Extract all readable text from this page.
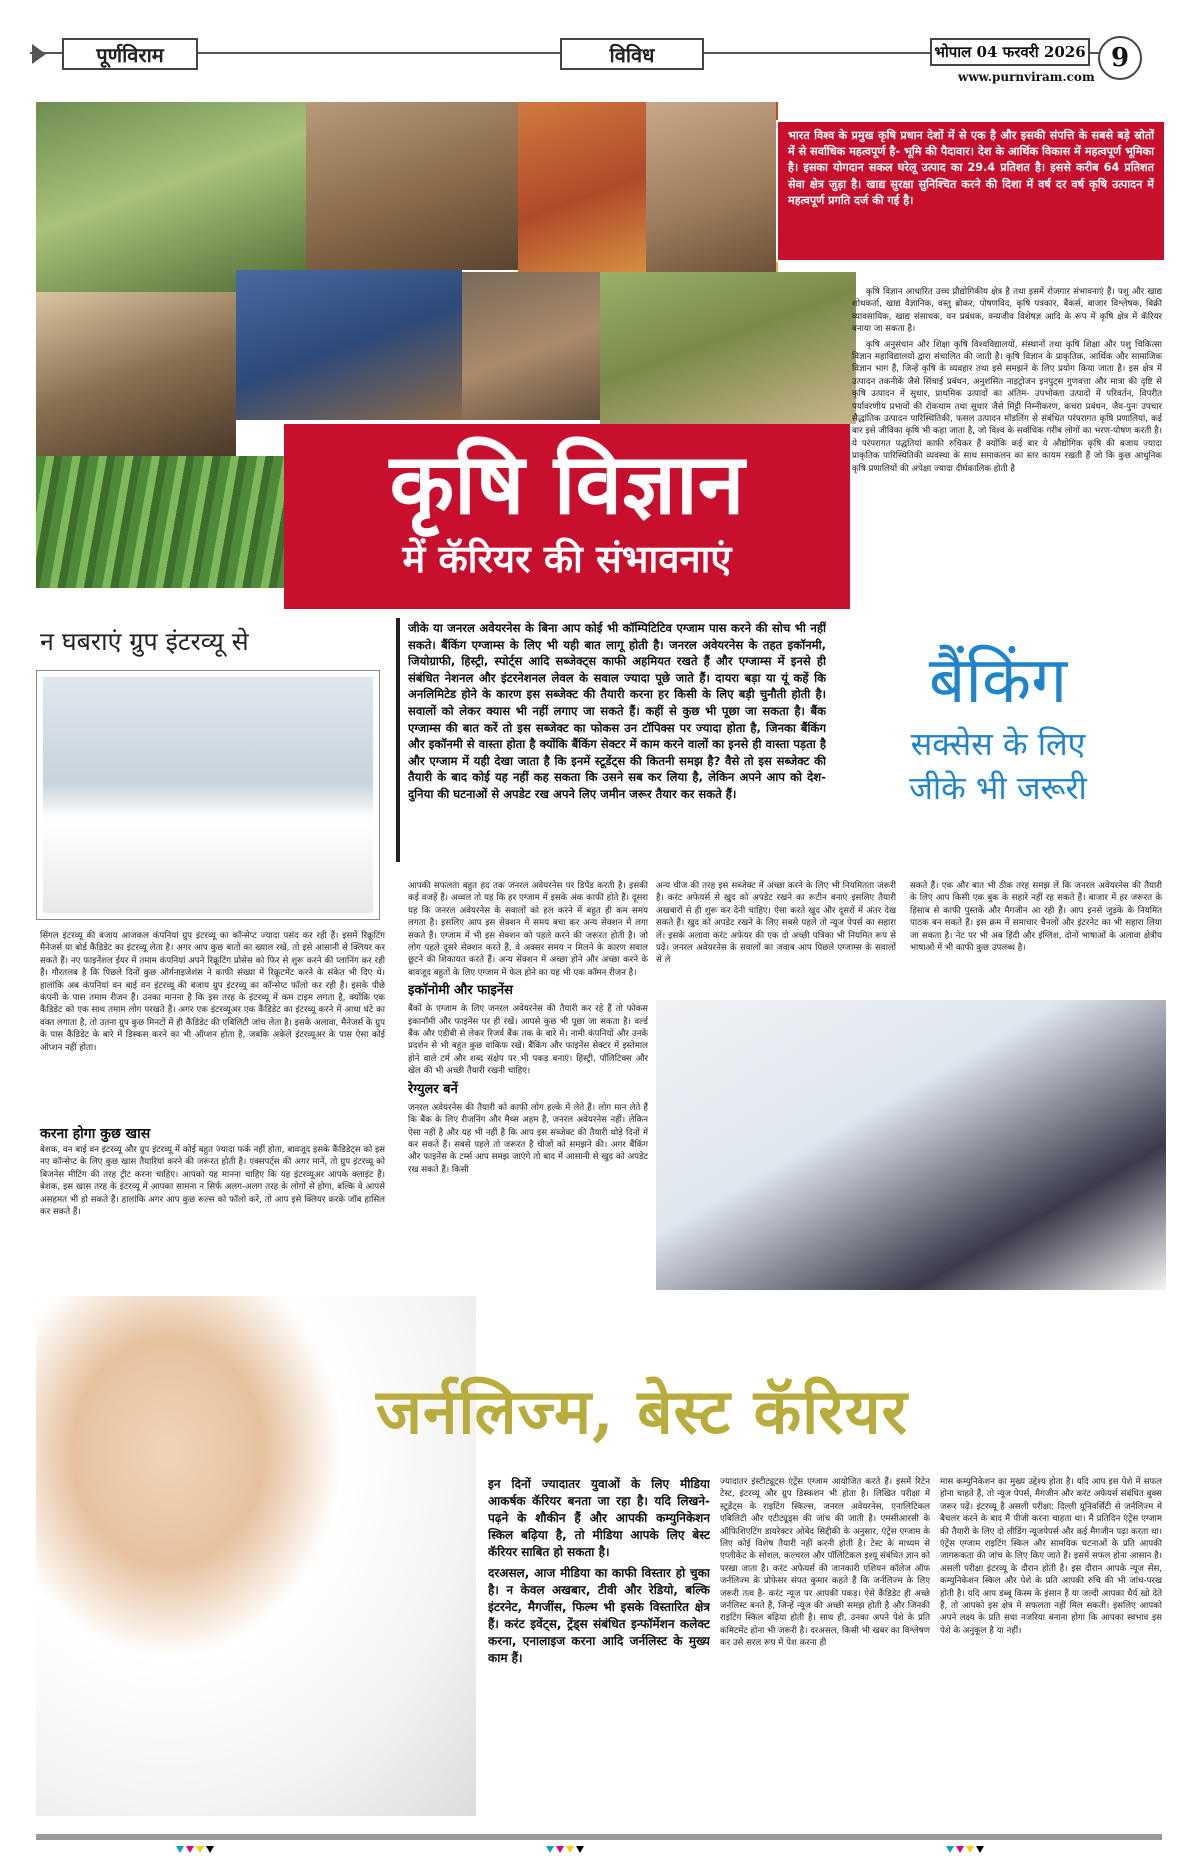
पूर्णविराम	विविध	भोपाल 04 फरवरी 2026
www.purnviram.com
9
भारत विश्व के प्रमुख कृषि प्रधान देशों में से एक है और इसकी संपत्ति के सबसे बड़े स्रोतों में से सर्वाधिक महत्वपूर्ण है- भूमि की पैदावार। देश के आर्थिक विकास में महत्वपूर्ण भूमिका है। इसका योगदान सकल घरेलू उत्पाद का 29.4 प्रतिशत है। इससे करीब 64 प्रतिशत सेवा क्षेत्र जुड़ा है। खाद्य सुरक्षा सुनिश्चित करने की दिशा में वर्ष दर वर्ष कृषि उत्पादन में महत्वपूर्ण प्रगति दर्ज की गई है।

कृषि विज्ञान आधारित उच्च प्रौद्योगिकीय क्षेत्र है तथा इसमें रोजगार संभावनाएं हैं। पशु और खाद्य शोधकर्ता, खाद्य वैज्ञानिक, वस्तु ब्रोकर, पोषणविद, कृषि पत्रकार, बैंकर्स, बाजार विश्लेषक, बिक्री व्यावसायिक, खाद्य संसाधक, वन प्रबंधक, वन्यजीव विशेषज्ञ आदि के रूप में कृषि क्षेत्र में कॅरियर बनाया जा सकता है।

कृषि अनुसंधान और शिक्षा कृषि विश्वविद्यालयों, संस्थानों तथा कृषि शिक्षा और पशु चिकित्सा विज्ञान महाविद्यालयों द्वारा संचालित की जाती है। कृषि विज्ञान के प्राकृतिक, आर्थिक और सामाजिक विज्ञान भाग हैं, जिन्हें कृषि के व्यवहार तथा इसे समझने के लिए प्रयोग किया जाता है। इस क्षेत्र में उत्पादन तकनीकें जैसे सिंचाई प्रबंधन, अनुशंसित नाइट्रोजन इनपुट्स गुणवत्ता और मात्रा की दृष्टि से कृषि उत्पादन में सुधार, प्राथमिक उत्पादों का अंतिम- उपभोक्ता उत्पादों में परिवर्तन, विपरीत पर्यावरणीय प्रभावों की रोकथाम तथा सुधार जैसे मिट्टी निम्नीकरण, कचरा प्रबंधन, जैव-पुनः उपचार सैद्धांतिक उत्पादन पारिस्थितिकी, फसल उत्पादन मॉडलिंग से संबंधित परंपरागत कृषि प्रणालियां, कई बार इसे जीविका कृषि भी कहा जाता है, जो विश्व के सर्वाधिक गरीब लोगों का भरण-पोषण करती है। ये परंपरागत पद्धतियां काफी रुचिकर हैं क्योंकि कई बार ये औद्योगिक कृषि की बजाय ज्यादा प्राकृतिक पारिस्थितिकी व्यवस्था के साथ समाकलन का स्तर कायम रखती हैं जो कि कुछ आधुनिक कृषि प्रणालियों की अपेक्षा ज्यादा दीर्घकालिक होती है

कृषि विज्ञान
में कॅरियर की संभावनाएं
न घबराएं ग्रुप इंटरव्यू से

सिंगल इंटरव्यू की बजाय आजकल कंपनियां ग्रुप इंटरव्यू का कॉन्सेप्ट ज्यादा पसंद कर रही हैं। इसमें रिक्रूटिंग मैनेजर्स या बोर्ड कैंडिडेट का इंटरव्यू लेता है। अगर आप कुछ बातों का ख्याल रखें, तो इसे आसानी से क्लियर कर सकते हैं। नए फाइनेंशल ईयर में तमाम कंपनियां अपने रिक्रूटिंग प्रोसेस को फिर से शुरू करने की प्लानिंग कर रही हैं। गौरतलब है कि पिछले दिनों कुछ ऑर्गनाइजेशंस ने काफी संख्या में रिक्रूटमेंट करने के संकेत भी दिए थे। हालांकि अब कंपनियां वन बाई वन इंटरव्यू की बजाय ग्रुप इंटरव्यू का कॉन्सेप्ट फॉलो कर रही हैं। इसके पीछे कंपनी के पास तमाम रीजन हैं। उनका मानना है कि इस तरह के इंटरव्यू में कम टाइम लगता है, क्योंकि एक कैंडिडेट को एक साथ तमाम लोग परखते हैं। अगर एक इंटरव्यूअर एक कैंडिडेट का इंटरव्यू करने में आधा घंटे का वक्त लगाता है, तो उतना ग्रुप कुछ मिनटों में ही कैंडिडेट की एबिलिटी जांच लेता है। इसके अलावा, मैनेजर्स के ग्रुप के पास कैंडिडेट के बारे में डिस्कस करने का भी ऑप्शन होता है, जबकि अकेले इंटरव्यूअर के पास ऐसा कोई ऑप्शन नहीं होता।

करना होगा कुछ खास

बेशक, वन बाई वन इंटरव्यू और ग्रुप इंटरव्यू में कोई बहुत ज्यादा फर्क नहीं होता, बावजूद इसके कैंडिडेट्स को इस नए कॉन्सेप्ट के लिए कुछ खास तैयारियां करने की जरूरत होती है। एक्सपर्ट्स की अगर मानें, तो ग्रुप इंटरव्यू को बिजनेस मीटिंग की तरह ट्रीट करना चाहिए। आपको यह मानना चाहिए कि यह इंटरव्यूअर आपके क्लाइंट हैं। बेशक, इस खास तरह के इंटरव्यू में आपका सामना न सिर्फ अलग-अलग तरह के लोगों से होगा, बल्कि वे आपसे असहमत भी हो सकते हैं। हालांकि अगर आप कुछ रूल्स को फॉलो करें, तो आप इसे क्लियर करके जॉब हासिल कर सकते हैं।

जीके या जनरल अवेयरनेस के बिना आप कोई भी कॉम्पिटिटिव एग्जाम पास करने की सोच भी नहीं सकते। बैंकिंग एग्जाम्स के लिए भी यही बात लागू होती है। जनरल अवेयरनेस के तहत इकॉनमी, जियोग्राफी, हिस्ट्री, स्पोर्ट्स आदि सब्जेक्ट्स काफी अहमियत रखते हैं और एग्जाम्स में इनसे ही संबंधित नेशनल और इंटरनेशनल लेवल के सवाल ज्यादा पूछे जाते हैं। दायरा बड़ा या यूं कहें कि अनलिमिटेड होने के कारण इस सब्जेक्ट की तैयारी करना हर किसी के लिए बड़ी चुनौती होती है। सवालों को लेकर क्यास भी नहीं लगाए जा सकते हैं। कहीं से कुछ भी पूछा जा सकता है। बैंक एग्जाम्स की बात करें तो इस सब्जेक्ट का फोकस उन टॉपिक्स पर ज्यादा होता है, जिनका बैंकिंग और इकॉनमी से वास्ता होता है क्योंकि बैंकिंग सेक्टर में काम करने वालों का इनसे ही वास्ता पड़ता है और एग्जाम में यही देखा जाता है कि इनमें स्टूडेंट्स की कितनी समझ है? वैसे तो इस सब्जेक्ट की तैयारी के बाद कोई यह नहीं कह सकता कि उसने सब कर लिया है, लेकिन अपने आप को देश-दुनिया की घटनाओं से अपडेट रख अपने लिए जमीन जरूर तैयार कर सकते हैं।
बैंकिंग
सक्सेस के लिए
जीके भी जरूरी

आपकी सफलता बहुत हद तक जनरल अवेयरनेस पर डिपेंड करती है। इसकी कई वजहें हैं। अव्वल तो यह कि हर एग्जाम में इसके अंक काफी होते हैं। दूसरा यह कि जनरल अवेयरनेस के सवालों को हल करने में बहुत ही कम समय लगता है। इसलिए आप इस सेक्शन में समय बचा कर अन्य सेक्शन में लगा सकते हैं। एग्जाम में भी इस सेक्शन को पहले करने की जरूरत होती है। जो लोग पहले दूसरे सेक्शन करते हैं, वे अक्सर समय न मिलने के कारण सवाल छूटने की शिकायत करते हैं। अन्य सेक्शन में अच्छा होने और अच्छा करने के बावजूद बहुतों के लिए एग्जाम में फेल होने का यह भी एक कॉमन रीजन है।

इकॉनोमी और फाइनेंस

बैंकों के एग्जाम के लिए जनरल अवेयरनेस की तैयारी कर रहे हैं तो फोकस इकानॉमी और फाइनेंस पर ही रखें। आपसे कुछ भी पूछा जा सकता है। वर्ल्ड बैंक और एडीबी से लेकर रिजर्व बैंक तक के बारे में। नामी कंपनियों और उनके प्रदर्शन से भी बहुत कुछ वाकिफ रखें। बैंकिंग और फाइनेंस सेक्टर में इस्तेमाल होने वाले टर्म और शब्द संक्षेप पर भी पकड़ बनाएं। हिस्ट्री, पॉलिटिक्स और खेल की भी अच्छी तैयारी रखनी चाहिए।

रेग्युलर बनें

जनरल अवेयरनेस की तैयारी को काफी लोग हल्के में लेते हैं। लोग मान लेते हैं कि बैंक के लिए रीजनिंग और मैथ्स अहम है, जनरल अवेयरनेस नहीं। लेकिन ऐसा नहीं है और यह भी नहीं है कि आप इस सब्जेक्ट की तैयारी थोड़े दिनों में कर सकते हैं। सबसे पहले तो जरूरत है चीजों को समझने की। अगर बैंकिंग और फाइनेंस के टर्म्स आप समझ जाएंगे तो बाद में आसानी से खुद को अपडेट रख सकते हैं। किसी

अन्य चीज की तरह इस सब्जेक्ट में अच्छा करने के लिए भी नियमितता जरूरी है। करंट अफेयर्स से खुद को अपडेट रखने का रूटीन बनाएं इसलिए तैयारी अखबारों से ही शुरू कर देनी चाहिए। ऐसा करते खुद और दूसरों में अंतर देख सकते हैं। खुद को अपडेट रखने के लिए सबसे पहले तो न्यूज पेपर्स का सहारा लें। इसके अलावा करंट अफेयर की एक दो अच्छी पत्रिका भी नियमित रूप से पढ़ें। जनरल अवेयरनेस के सवालों का जवाब आप पिछले एग्जाम्स के सवालों से ले

सकते हैं। एक और बात भी ठीक तरह समझ लें कि जनरल अवेयरनेस की तैयारी के लिए आप किसी एक बुक के सहारे नहीं रह सकते हैं। बाजार में हर जरूरत के हिसाब से काफी पुस्तकें और मैगजीन आ रही हैं। आप इनसे जुड़के के नियमित पाठक बन सकते हैं। इस क्रम में समाचार चैनलों और इंटरनेट का भी सहारा लिया जा सकता है। नेट पर भी अब हिंदी और इंग्लिश, दोनों भाषाओं के अलावा क्षेत्रीय भाषाओं में भी काफी कुछ उपलब्ध है।

जर्नलिज्म, बेस्ट कॅरियर

इन दिनों ज्यादातर युवाओं के लिए मीडिया आकर्षक कॅरियर बनता जा रहा है। यदि लिखने-पढ़ने के शौकीन हैं और आपकी कम्युनिकेशन स्किल बढ़िया है, तो मीडिया आपके लिए बेस्ट कॅरियर साबित हो सकता है।

दरअसल, आज मीडिया का काफी विस्तार हो चुका है। न केवल अखबार, टीवी और रेडियो, बल्कि इंटरनेट, मैगजींस, फिल्म भी इसके विस्तारित क्षेत्र हैं। करंट इवेंट्स, ट्रेंड्स संबंधित इन्फॉर्मेशन कलेक्ट करना, एनालाइज करना आदि जर्नलिस्ट के मुख्य काम हैं।

ज्यादातर इंस्टीट्यूट्स एंट्रेंस एग्जाम आयोजित करते हैं। इसमें रिटेन टेस्ट, इंटरव्यू और ग्रुप डिस्कशन भी होता है। लिखित परीक्षा में स्टूडेंट्स के राइटिंग स्किल्स, जनरल अवेयरनेस, एनालिटिकल एबिलिटी और एटीट्यूड्स की जांच की जाती है। एमसीआरसी के ऑफिशिएटिंग डायरेक्टर ओबेद सिद्दीकी के अनुसार, एंट्रेंस एग्जाम के लिए कोई विशेष तैयारी नहीं करनी होती है। टेस्ट के माध्यम से एप्लीकेंट के सोशल, कल्चरल और पॉलिटिकल इश्यू संबंधित ज्ञान को परखा जाता है। करंट अफेयर्स की जानकारी एशियन कॉलेज ऑफ जर्नलिज्म के प्रोफेसर संपत कुमार कहते हैं कि जर्नलिज्म के लिए जरूरी तत्व है- करंट न्यूज पर आपकी पकड़। ऐसे कैंडिडेट ही अच्छे जर्नलिस्ट बनते हैं, जिन्हें न्यूज की अच्छी समझ होती है और जिनकी राइटिंग स्किल बढ़िया होती है। साथ ही, उनका अपने पेशे के प्रति कमिटमेंट होना भी जरूरी है। दरअसल, किसी भी खबर का विश्लेषण कर उसे सरल रूप में पेश करना ही

मास कम्युनिकेशन का मुख्य उद्देश्य होता है। यदि आप इस पेशे में सफल होना चाहते हैं, तो न्यूज पेपर्स, मैगजीन और करंट अफेयर्स संबंधित बुक्स जरूर पढ़ें। इंटरव्यू है असली परीक्षा: दिल्ली यूनिवर्सिटी से जर्नलिज्म में बैचलर करने के बाद मैं पीजी करना चाहता था। मैं प्रतिदिन एंट्रेंस एग्जाम की तैयारी के लिए दो लीडिंग न्यूजपेपर्स और कई मैगजीन पढ़ा करता था। एंट्रेंस एग्जाम राइटिंग स्किल और सामयिक घटनाओं के प्रति आपकी जागरूकता की जांच के लिए किए जाते हैं। इसमें सफल होना आसान है। असली परीक्षा इंटरव्यू के दौरान होती है। इस दौरान आपके न्यूज सेंस, कम्युनिकेशन स्किल और पेशे के प्रति आपकी रुचि की भी जांच-परख होती है। यदि आप डब्बू किस्म के इंसान हैं या जल्दी आपका धैर्य खो देते हैं, तो आपको इस क्षेत्र में सफलता नहीं मिल सकती। इसलिए आपको अपने लक्ष्य के प्रति सधा नजरिया बनाना होगा कि आपका स्वभाव इस पेशे के अनुकूल है या नहीं।
